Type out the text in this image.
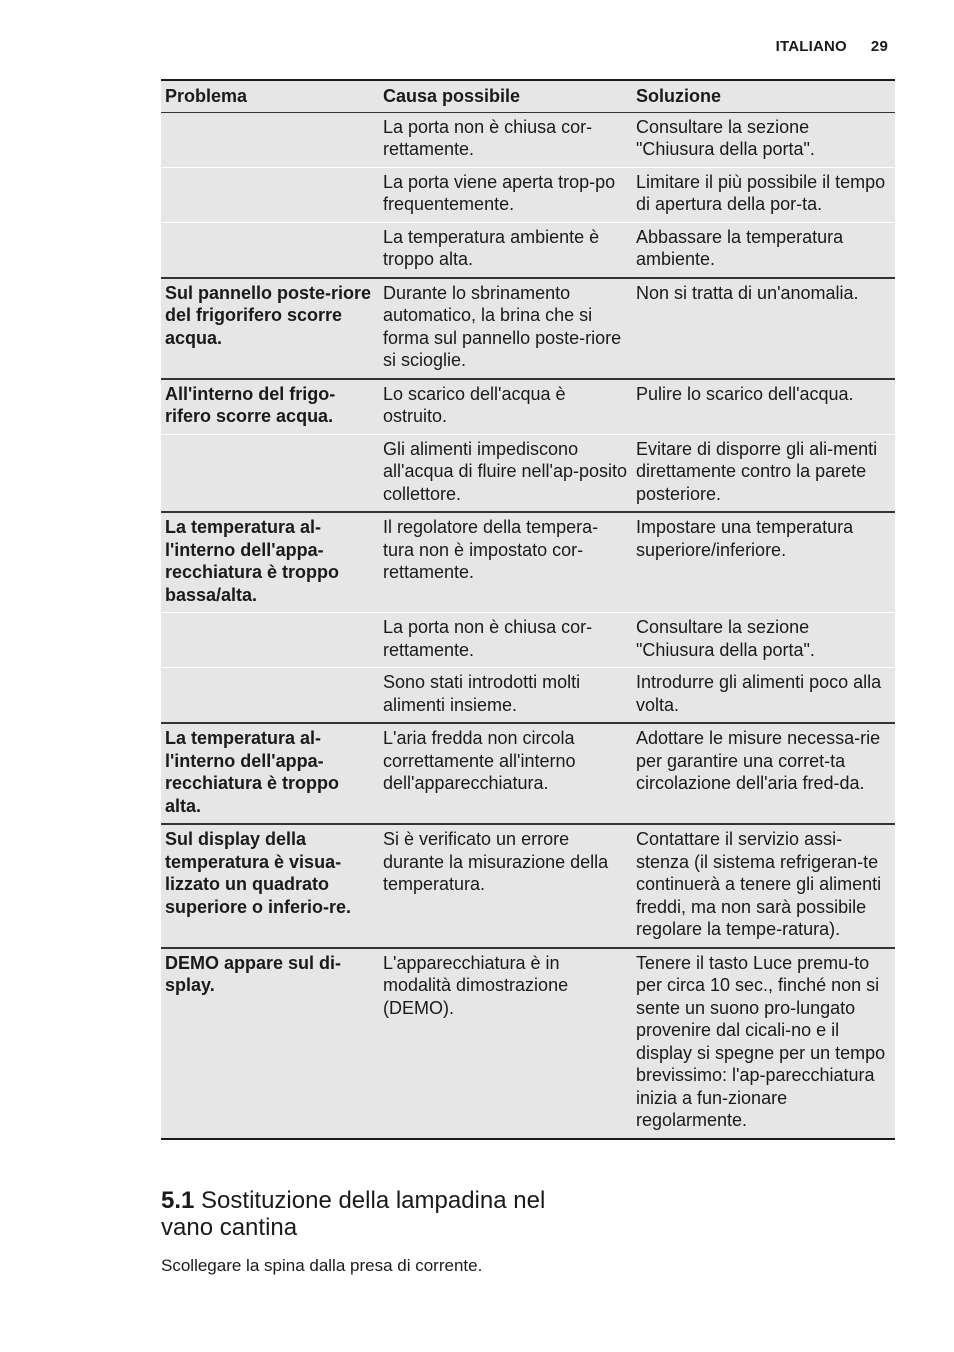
ITALIANO 29
Problema	Causa possibile	Soluzione
	La porta non è chiusa cor-rettamente.	Consultare la sezione "Chiusura della porta".
	La porta viene aperta trop-po frequentemente.	Limitare il più possibile il tempo di apertura della por-ta.
	La temperatura ambiente è troppo alta.	Abbassare la temperatura ambiente.
Sul pannello poste-riore del frigorifero scorre acqua.	Durante lo sbrinamento automatico, la brina che si forma sul pannello poste-riore si scioglie.	Non si tratta di un'anomalia.
All'interno del frigo-rifero scorre acqua.	Lo scarico dell'acqua è ostruito.	Pulire lo scarico dell'acqua.
	Gli alimenti impediscono all'acqua di fluire nell'ap-posito collettore.	Evitare di disporre gli ali-menti direttamente contro la parete posteriore.
La temperatura al-l'interno dell'appa-recchiatura è troppo bassa/alta.	Il regolatore della tempera-tura non è impostato cor-rettamente.	Impostare una temperatura superiore/inferiore.
	La porta non è chiusa cor-rettamente.	Consultare la sezione "Chiusura della porta".
	Sono stati introdotti molti alimenti insieme.	Introdurre gli alimenti poco alla volta.
La temperatura al-l'interno dell'appa-recchiatura è troppo alta.	L'aria fredda non circola correttamente all'interno dell'apparecchiatura.	Adottare le misure necessa-rie per garantire una corret-ta circolazione dell'aria fred-da.
Sul display della temperatura è visua-lizzato un quadrato superiore o inferio-re.	Si è verificato un errore durante la misurazione della temperatura.	Contattare il servizio assi-stenza (il sistema refrigeran-te continuerà a tenere gli alimenti freddi, ma non sarà possibile regolare la tempe-ratura).
DEMO appare sul di-splay.	L'apparecchiatura è in modalità dimostrazione (DEMO).	Tenere il tasto Luce premu-to per circa 10 sec., finché non si sente un suono pro-lungato provenire dal cicali-no e il display si spegne per un tempo brevissimo: l'ap-parecchiatura inizia a fun-zionare regolarmente.
5.1 Sostituzione della lampadina nel vano cantina
Scollegare la spina dalla presa di corrente.
